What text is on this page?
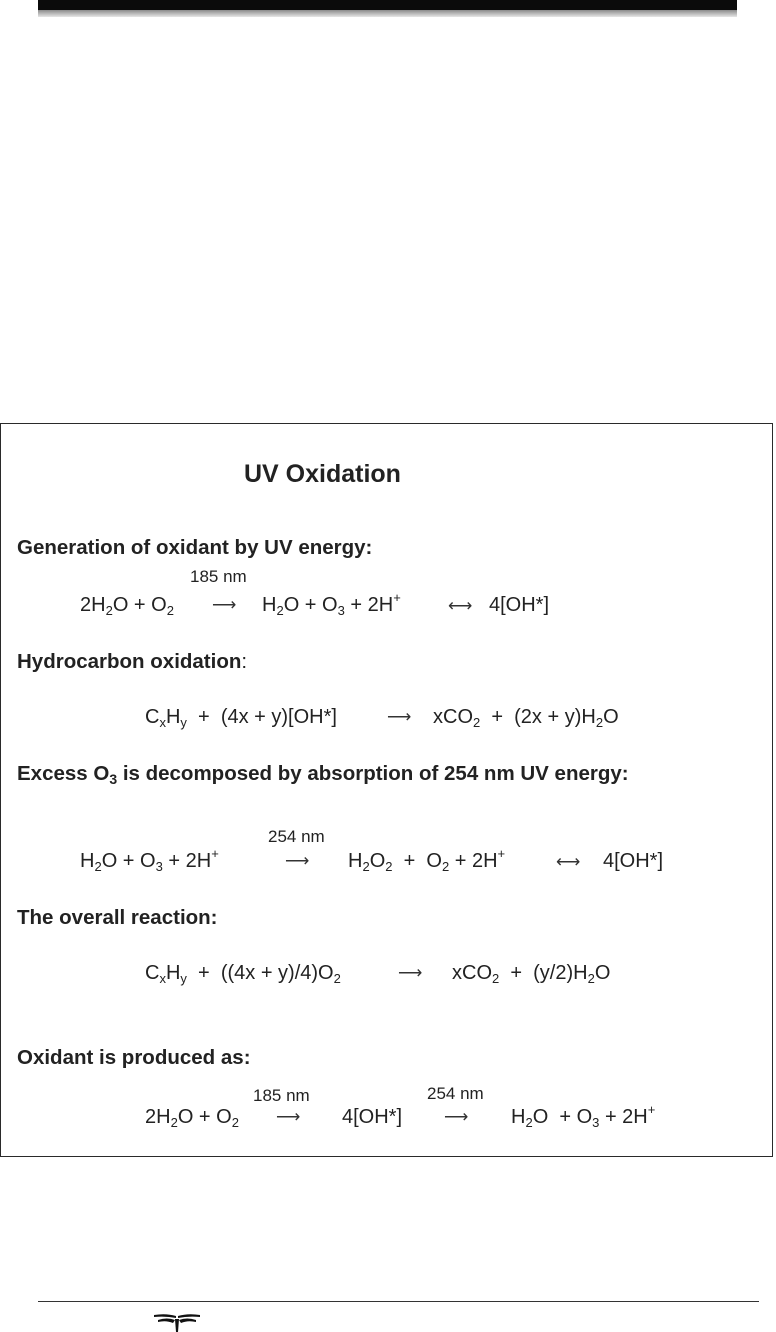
UV Oxidation
Generation of oxidant by UV energy:
185 nm
$2H_2O + O_2$ ⟶ $H_2O + O_3 + 2H^+$	⟷ 4[OH*]
Hydrocarbon oxidation:
$C_xH_y + (4x + y)[OH*]$	⟶ $xCO_2 + (2x + y)H_2O$
Excess $O_3$ is decomposed by absorption of 254 nm UV energy:
254 nm
$H_2O + O_3 + 2H^+$	⟶ $H_2O_2 + O_2 + 2H^+$	⟷ 4[OH*]
The overall reaction:
$C_xH_y + ((4x + y)/4)O_2$	⟶ $xCO_2 + (y/2)H_2O$
Oxidant is produced as:
185 nm	254 nm
$2H_2O + O_2$ ⟶ 4[OH*] ⟶ $H_2O + O_3 + 2H^+$
